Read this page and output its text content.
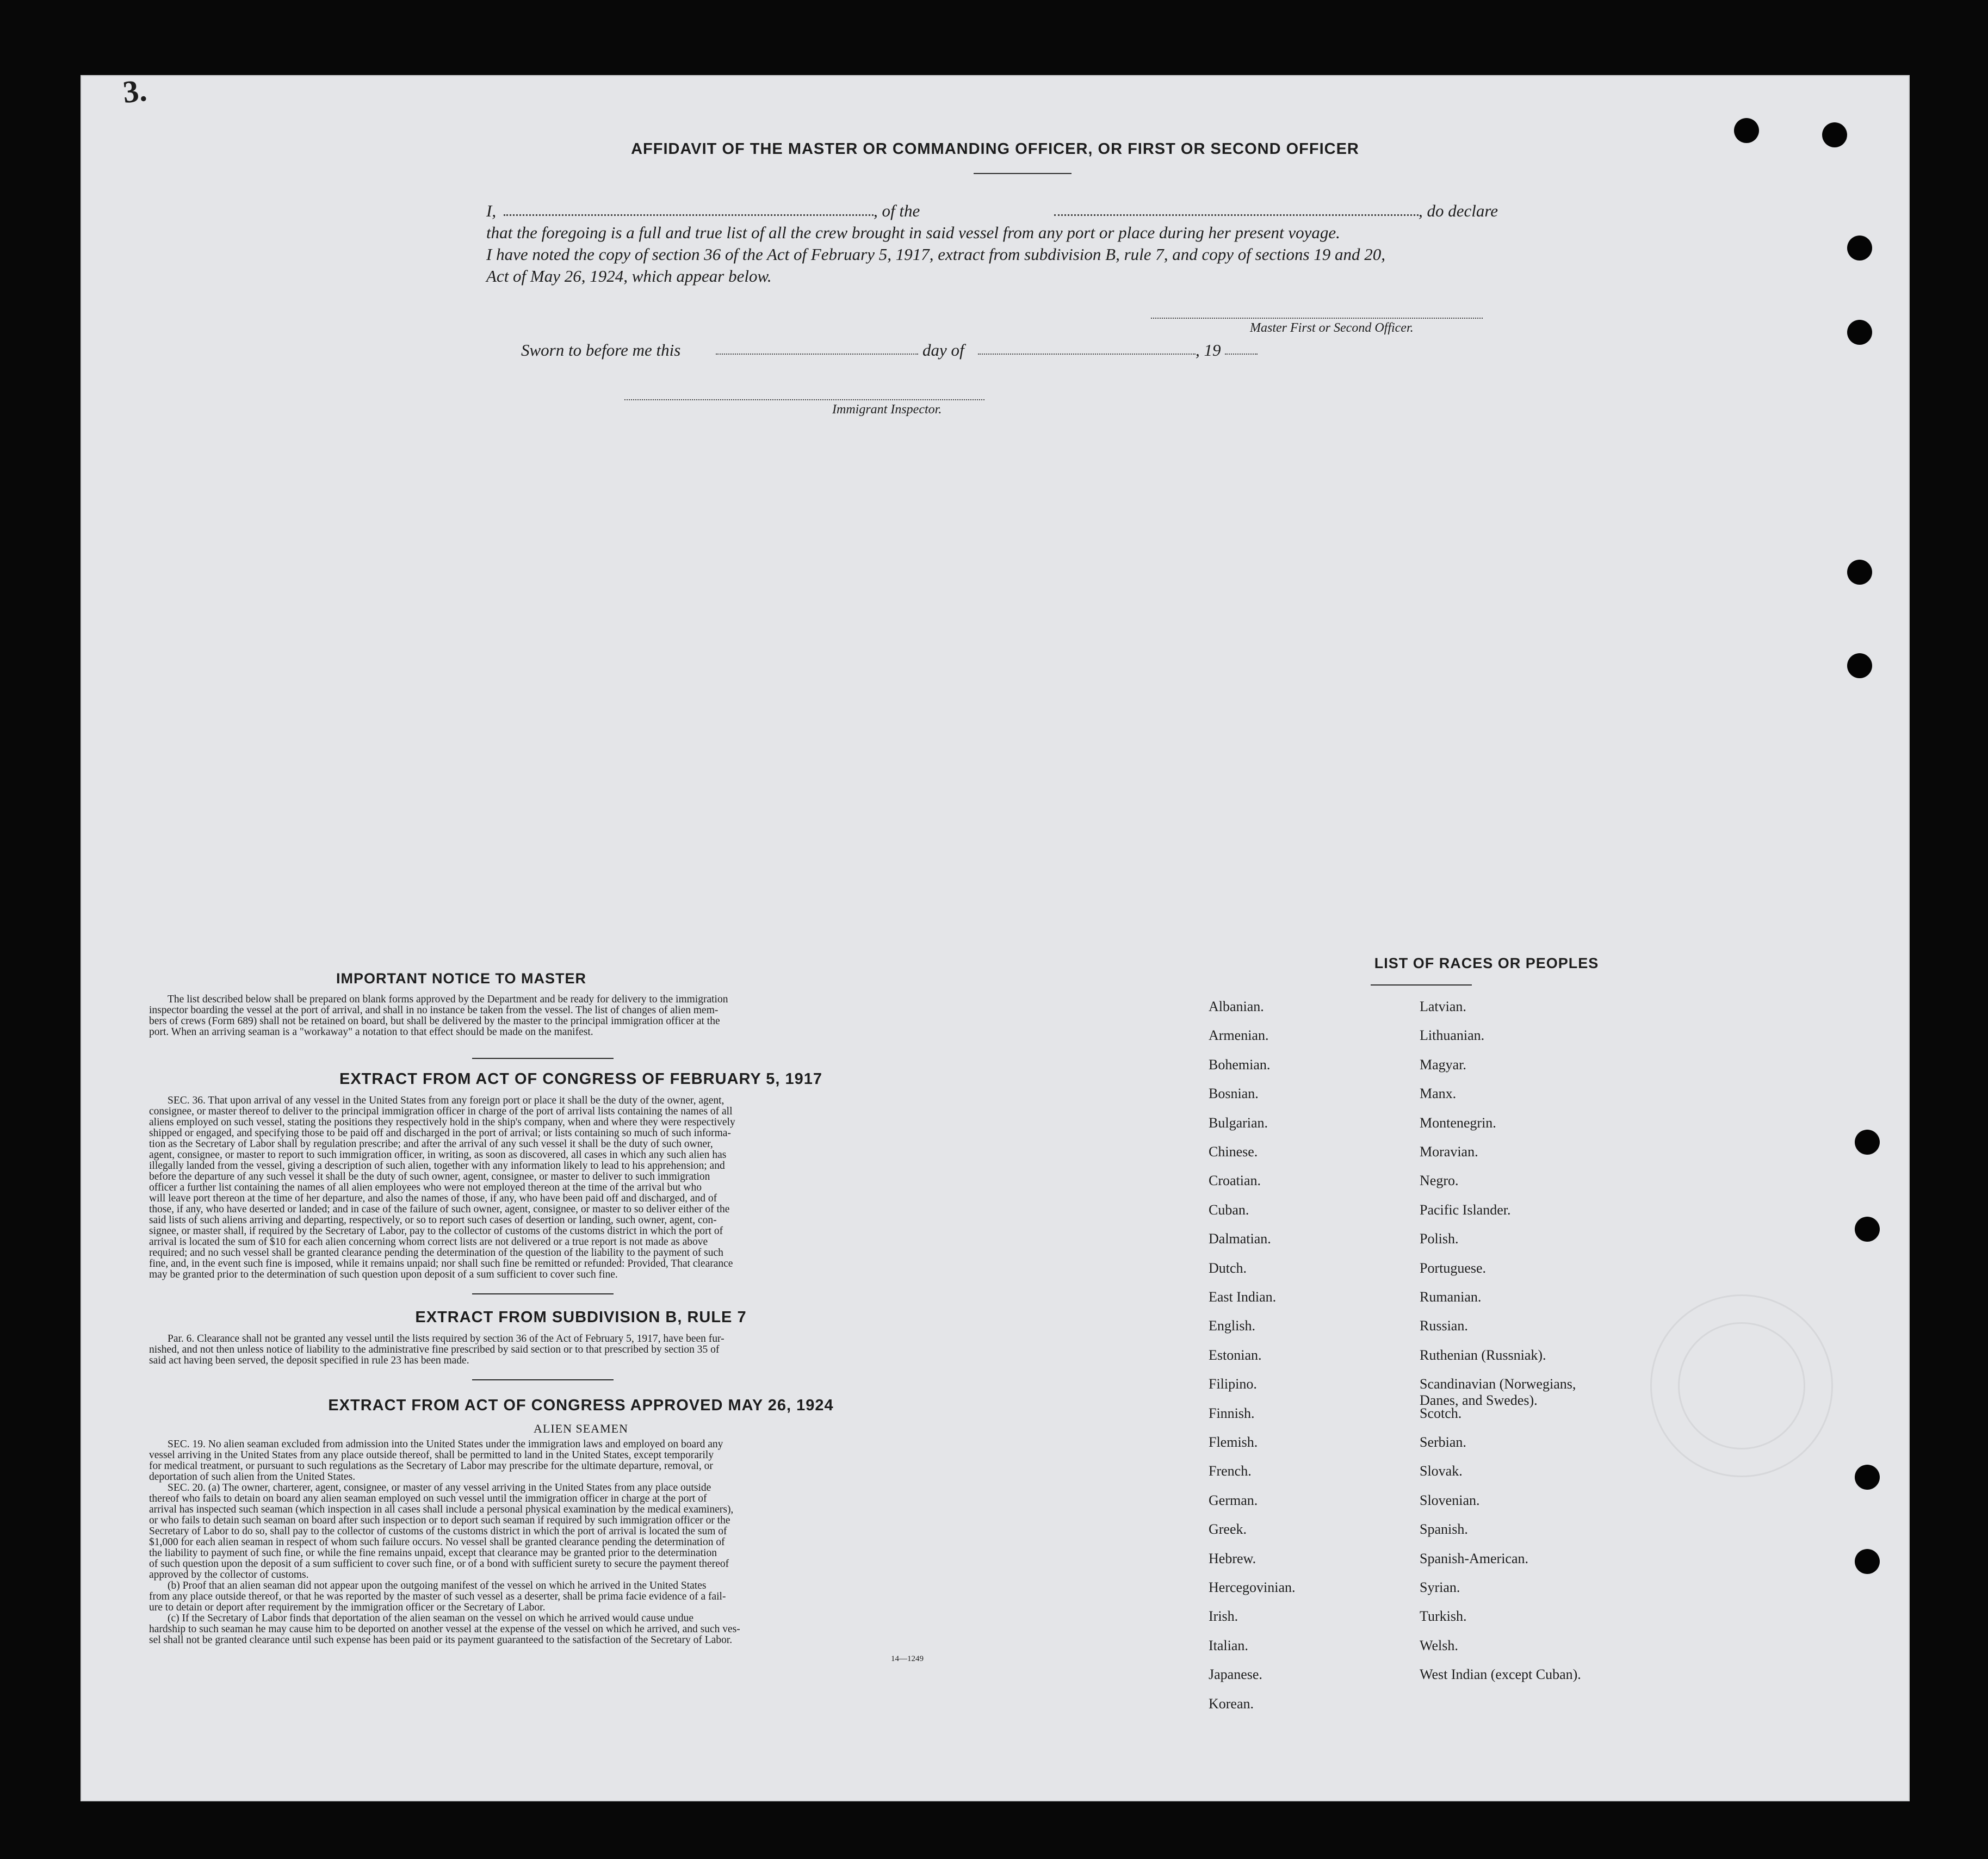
3.
AFFIDAVIT OF THE MASTER OR COMMANDING OFFICER, OR FIRST OR SECOND OFFICER
I,	, of the	, do declare
that the foregoing is a full and true list of all the crew brought in said vessel from any port or place during her present voyage.
I have noted the copy of section 36 of the Act of February 5, 1917, extract from subdivision B, rule 7, and copy of sections 19 and 20,
Act of May 26, 1924, which appear below.
Master First or Second Officer.
Sworn to before me this	day of	, 19
Immigrant Inspector.
IMPORTANT NOTICE TO MASTER
The list described below shall be prepared on blank forms approved by the Department and be ready for delivery to the immigration
inspector boarding the vessel at the port of arrival, and shall in no instance be taken from the vessel. The list of changes of alien mem-
bers of crews (Form 689) shall not be retained on board, but shall be delivered by the master to the principal immigration officer at the
port. When an arriving seaman is a "workaway" a notation to that effect should be made on the manifest.
EXTRACT FROM ACT OF CONGRESS OF FEBRUARY 5, 1917
SEC. 36. That upon arrival of any vessel in the United States from any foreign port or place it shall be the duty of the owner, agent,
consignee, or master thereof to deliver to the principal immigration officer in charge of the port of arrival lists containing the names of all
aliens employed on such vessel, stating the positions they respectively hold in the ship's company, when and where they were respectively
shipped or engaged, and specifying those to be paid off and discharged in the port of arrival; or lists containing so much of such informa-
tion as the Secretary of Labor shall by regulation prescribe; and after the arrival of any such vessel it shall be the duty of such owner,
agent, consignee, or master to report to such immigration officer, in writing, as soon as discovered, all cases in which any such alien has
illegally landed from the vessel, giving a description of such alien, together with any information likely to lead to his apprehension; and
before the departure of any such vessel it shall be the duty of such owner, agent, consignee, or master to deliver to such immigration
officer a further list containing the names of all alien employees who were not employed thereon at the time of the arrival but who
will leave port thereon at the time of her departure, and also the names of those, if any, who have been paid off and discharged, and of
those, if any, who have deserted or landed; and in case of the failure of such owner, agent, consignee, or master to so deliver either of the
said lists of such aliens arriving and departing, respectively, or so to report such cases of desertion or landing, such owner, agent, con-
signee, or master shall, if required by the Secretary of Labor, pay to the collector of customs of the customs district in which the port of
arrival is located the sum of $10 for each alien concerning whom correct lists are not delivered or a true report is not made as above
required; and no such vessel shall be granted clearance pending the determination of the question of the liability to the payment of such
fine, and, in the event such fine is imposed, while it remains unpaid; nor shall such fine be remitted or refunded: Provided, That clearance
may be granted prior to the determination of such question upon deposit of a sum sufficient to cover such fine.
EXTRACT FROM SUBDIVISION B, RULE 7
Par. 6. Clearance shall not be granted any vessel until the lists required by section 36 of the Act of February 5, 1917, have been fur-
nished, and not then unless notice of liability to the administrative fine prescribed by said section or to that prescribed by section 35 of
said act having been served, the deposit specified in rule 23 has been made.
EXTRACT FROM ACT OF CONGRESS APPROVED MAY 26, 1924
ALIEN SEAMEN
SEC. 19. No alien seaman excluded from admission into the United States under the immigration laws and employed on board any
vessel arriving in the United States from any place outside thereof, shall be permitted to land in the United States, except temporarily
for medical treatment, or pursuant to such regulations as the Secretary of Labor may prescribe for the ultimate departure, removal, or
deportation of such alien from the United States.
SEC. 20. (a) The owner, charterer, agent, consignee, or master of any vessel arriving in the United States from any place outside
thereof who fails to detain on board any alien seaman employed on such vessel until the immigration officer in charge at the port of
arrival has inspected such seaman (which inspection in all cases shall include a personal physical examination by the medical examiners),
or who fails to detain such seaman on board after such inspection or to deport such seaman if required by such immigration officer or the
Secretary of Labor to do so, shall pay to the collector of customs of the customs district in which the port of arrival is located the sum of
$1,000 for each alien seaman in respect of whom such failure occurs. No vessel shall be granted clearance pending the determination of
the liability to payment of such fine, or while the fine remains unpaid, except that clearance may be granted prior to the determination
of such question upon the deposit of a sum sufficient to cover such fine, or of a bond with sufficient surety to secure the payment thereof
approved by the collector of customs.
(b) Proof that an alien seaman did not appear upon the outgoing manifest of the vessel on which he arrived in the United States
from any place outside thereof, or that he was reported by the master of such vessel as a deserter, shall be prima facie evidence of a fail-
ure to detain or deport after requirement by the immigration officer or the Secretary of Labor.
(c) If the Secretary of Labor finds that deportation of the alien seaman on the vessel on which he arrived would cause undue
hardship to such seaman he may cause him to be deported on another vessel at the expense of the vessel on which he arrived, and such ves-
sel shall not be granted clearance until such expense has been paid or its payment guaranteed to the satisfaction of the Secretary of Labor.
14—1249
LIST OF RACES OR PEOPLES
Albanian.
Armenian.
Bohemian.
Bosnian.
Bulgarian.
Chinese.
Croatian.
Cuban.
Dalmatian.
Dutch.
East Indian.
English.
Estonian.
Filipino.
Finnish.
Flemish.
French.
German.
Greek.
Hebrew.
Hercegovinian.
Irish.
Italian.
Japanese.
Korean.
Latvian.
Lithuanian.
Magyar.
Manx.
Montenegrin.
Moravian.
Negro.
Pacific Islander.
Polish.
Portuguese.
Rumanian.
Russian.
Ruthenian (Russniak).
Scandinavian (Norwegians,
Danes, and Swedes).
Scotch.
Serbian.
Slovak.
Slovenian.
Spanish.
Spanish-American.
Syrian.
Turkish.
Welsh.
West Indian (except Cuban).
